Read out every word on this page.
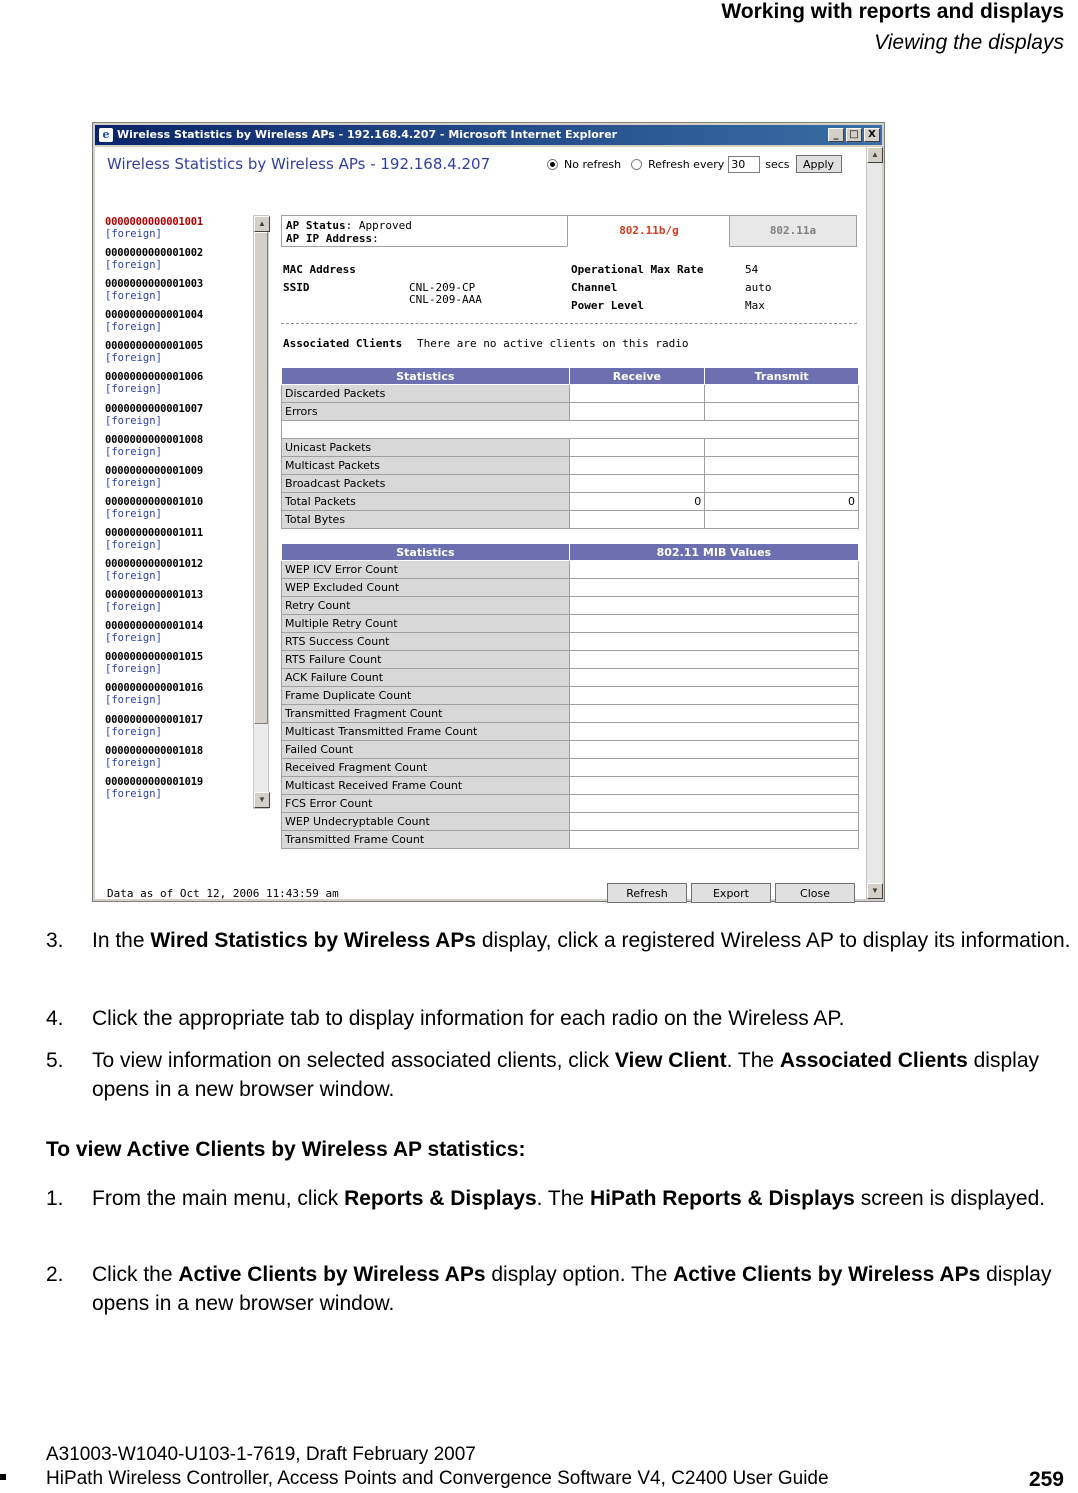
Working with reports and displays
Viewing the displays
e Wireless Statistics by Wireless APs - 192.168.4.207 - Microsoft Internet Explorer	_	□ X
Wireless Statistics by Wireless APs - 192.168.4.207	No refresh Refresh every
30	secs	Apply
0000000000001001
[foreign]
0000000000001002
[foreign]
0000000000001003
[foreign]
0000000000001004
[foreign]
0000000000001005
[foreign]
0000000000001006
[foreign]
0000000000001007
[foreign]
0000000000001008
[foreign]
0000000000001009
[foreign]
0000000000001010
[foreign]
0000000000001011
[foreign]
0000000000001012
[foreign]
0000000000001013
[foreign]
0000000000001014
[foreign]
0000000000001015
[foreign]
0000000000001016
[foreign]
0000000000001017
[foreign]
0000000000001018
[foreign]
0000000000001019
[foreign]
▲
▼
AP Status: Approved
AP IP Address:
802.11b/g	802.11a
MAC Address
SSID	CNL-209-CP
CNL-209-AAA
Operational Max Rate	54
Channel	auto
Power Level	Max
Associated Clients There are no active clients on this radio
Statistics	Receive	Transmit
Discarded Packets		
Errors		

Unicast Packets		
Multicast Packets		
Broadcast Packets		
Total Packets	0	0
Total Bytes		
Statistics	802.11 MIB Values
WEP ICV Error Count	
WEP Excluded Count	
Retry Count	
Multiple Retry Count	
RTS Success Count	
RTS Failure Count	
ACK Failure Count	
Frame Duplicate Count	
Transmitted Fragment Count	
Multicast Transmitted Frame Count	
Failed Count	
Received Fragment Count	
Multicast Received Frame Count	
FCS Error Count	
WEP Undecryptable Count	
Transmitted Frame Count	
Data as of Oct 12, 2006 11:43:59 am	Refresh	Export	Close
▲
▼
3. In the Wired Statistics by Wireless APs display, click a registered Wireless AP to display its information.
4. Click the appropriate tab to display information for each radio on the Wireless AP.
5. To view information on selected associated clients, click View Client. The Associated Clients display opens in a new browser window.
To view Active Clients by Wireless AP statistics:
1. From the main menu, click Reports & Displays. The HiPath Reports & Displays screen is displayed.
2. Click the Active Clients by Wireless APs display option. The Active Clients by Wireless APs display opens in a new browser window.
A31003-W1040-U103-1-7619, Draft February 2007
HiPath Wireless Controller, Access Points and Convergence Software V4, C2400 User Guide	259
